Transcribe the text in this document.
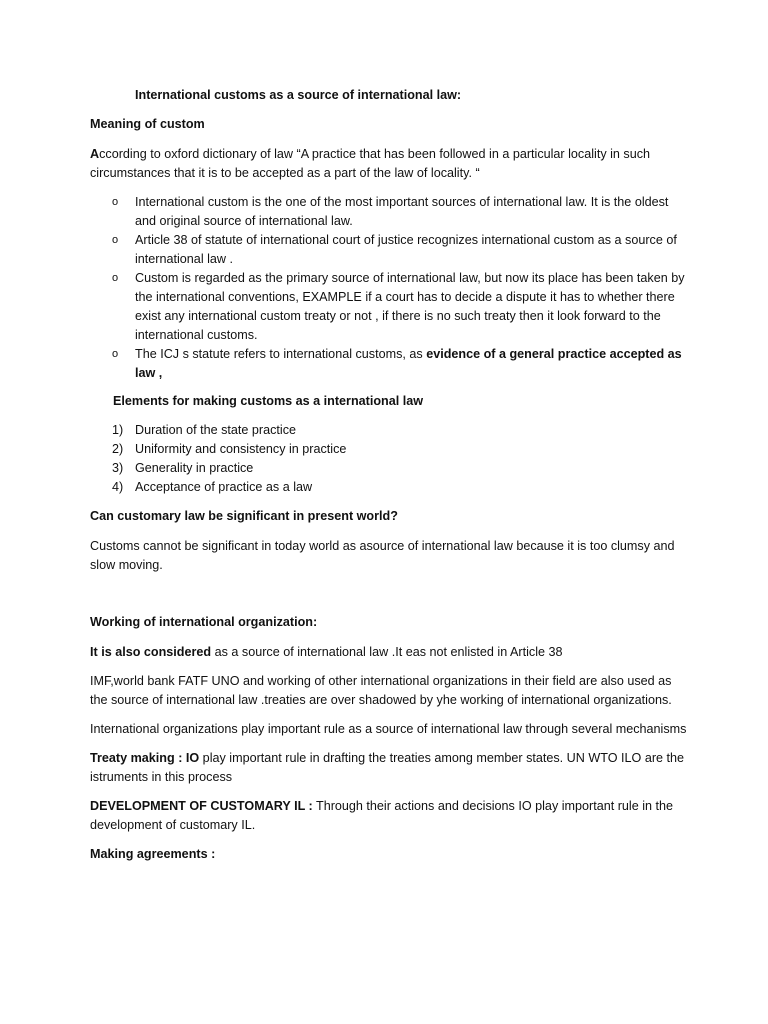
International customs as a source of international law:

Meaning of custom

According to oxford dictionary of law “A practice that has been followed in a particular locality in such circumstances that it is to be accepted as a part of the law of locality. “

o International custom is the one of the most important sources of international law. It is the oldest and original source of international law.
o Article 38 of statute of international court of justice recognizes international custom as a source of international law .
o Custom is regarded as the primary source of international law, but now its place has been taken by the international conventions, EXAMPLE if a court has to decide a dispute it has to whether there exist any international custom treaty or not , if there is no such treaty then it look forward to the international customs.
o The ICJ s statute refers to international customs, as evidence of a general practice accepted as law ,

Elements for making customs as a international law

1) Duration of the state practice
2) Uniformity and consistency in practice
3) Generality in practice
4) Acceptance of practice as a law

Can customary law be significant in present world?

Customs cannot be significant in today world as asource of international law because it is too clumsy and slow moving.

Working of international organization:

It is also considered as a source of international law .It eas not enlisted in Article 38

IMF,world bank FATF UNO and working of other international organizations in their field are also used as the source of international law .treaties are over shadowed by yhe working of international organizations.

International organizations play important rule as a source of international law through several mechanisms

Treaty making : IO play important rule in drafting the treaties among member states. UN WTO ILO are the istruments in this process

DEVELOPMENT OF CUSTOMARY IL : Through their actions and decisions IO play important rule in the development of customary IL.

Making agreements :
